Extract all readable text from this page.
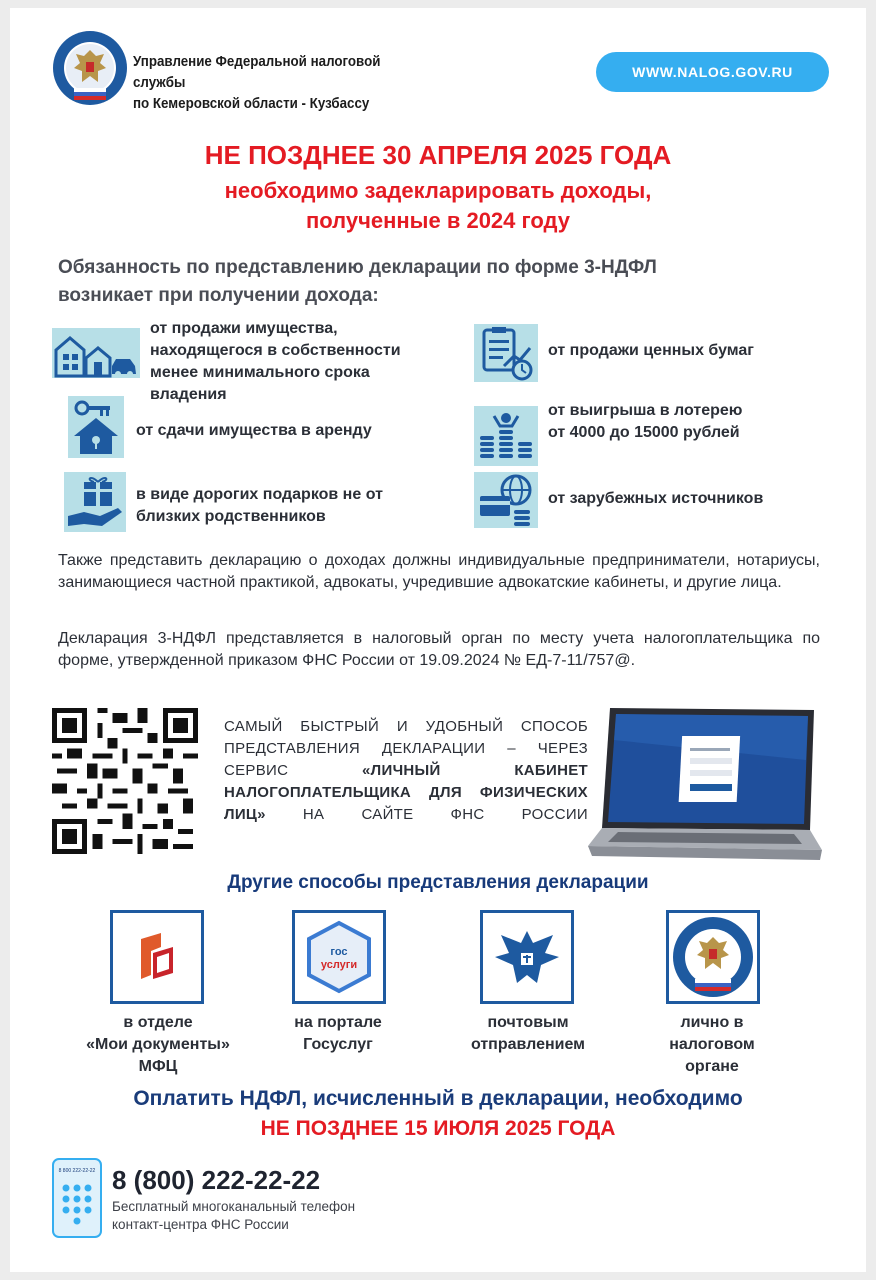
Управление Федеральной налоговой службы
по Кемеровской области - Кузбассу
WWW.NALOG.GOV.RU
НЕ ПОЗДНЕЕ 30 АПРЕЛЯ 2025 ГОДА
необходимо задекларировать доходы,
полученные в 2024 году
Обязанность по представлению декларации по форме 3-НДФЛ
возникает при получении дохода:
от продажи имущества, находящегося в собственности менее минимального срока владения
от сдачи имущества в аренду
в виде дорогих подарков не от близких родственников
от продажи ценных бумаг
от выигрыша в лотерею
от 4000 до 15000 рублей
от зарубежных источников
Также представить декларацию о доходах должны индивидуальные предприниматели, нотариусы, занимающиеся частной практикой, адвокаты, учредившие адвокатские кабинеты, и другие лица.
Декларация 3-НДФЛ представляется в налоговый орган по месту учета налогоплательщика по форме, утвержденной приказом ФНС России от 19.09.2024 № ЕД-7-11/757@.
САМЫЙ БЫСТРЫЙ И УДОБНЫЙ СПОСОБ ПРЕДСТАВЛЕНИЯ ДЕКЛАРАЦИИ – ЧЕРЕЗ СЕРВИС «ЛИЧНЫЙ КАБИНЕТ НАЛОГОПЛАТЕЛЬЩИКА ДЛЯ ФИЗИЧЕСКИХ ЛИЦ» НА САЙТЕ ФНС РОССИИ
Другие способы представления декларации
гос
услуги
в отделе
«Мои документы»
МФЦ
на портале
Госуслуг
почтовым
отправлением
лично в
налоговом
органе
Оплатить НДФЛ, исчисленный в декларации, необходимо
НЕ ПОЗДНЕЕ 15 ИЮЛЯ 2025 ГОДА
8 800 222-22-22 8 (800) 222-22-22
Бесплатный многоканальный телефон
контакт-центра ФНС России
